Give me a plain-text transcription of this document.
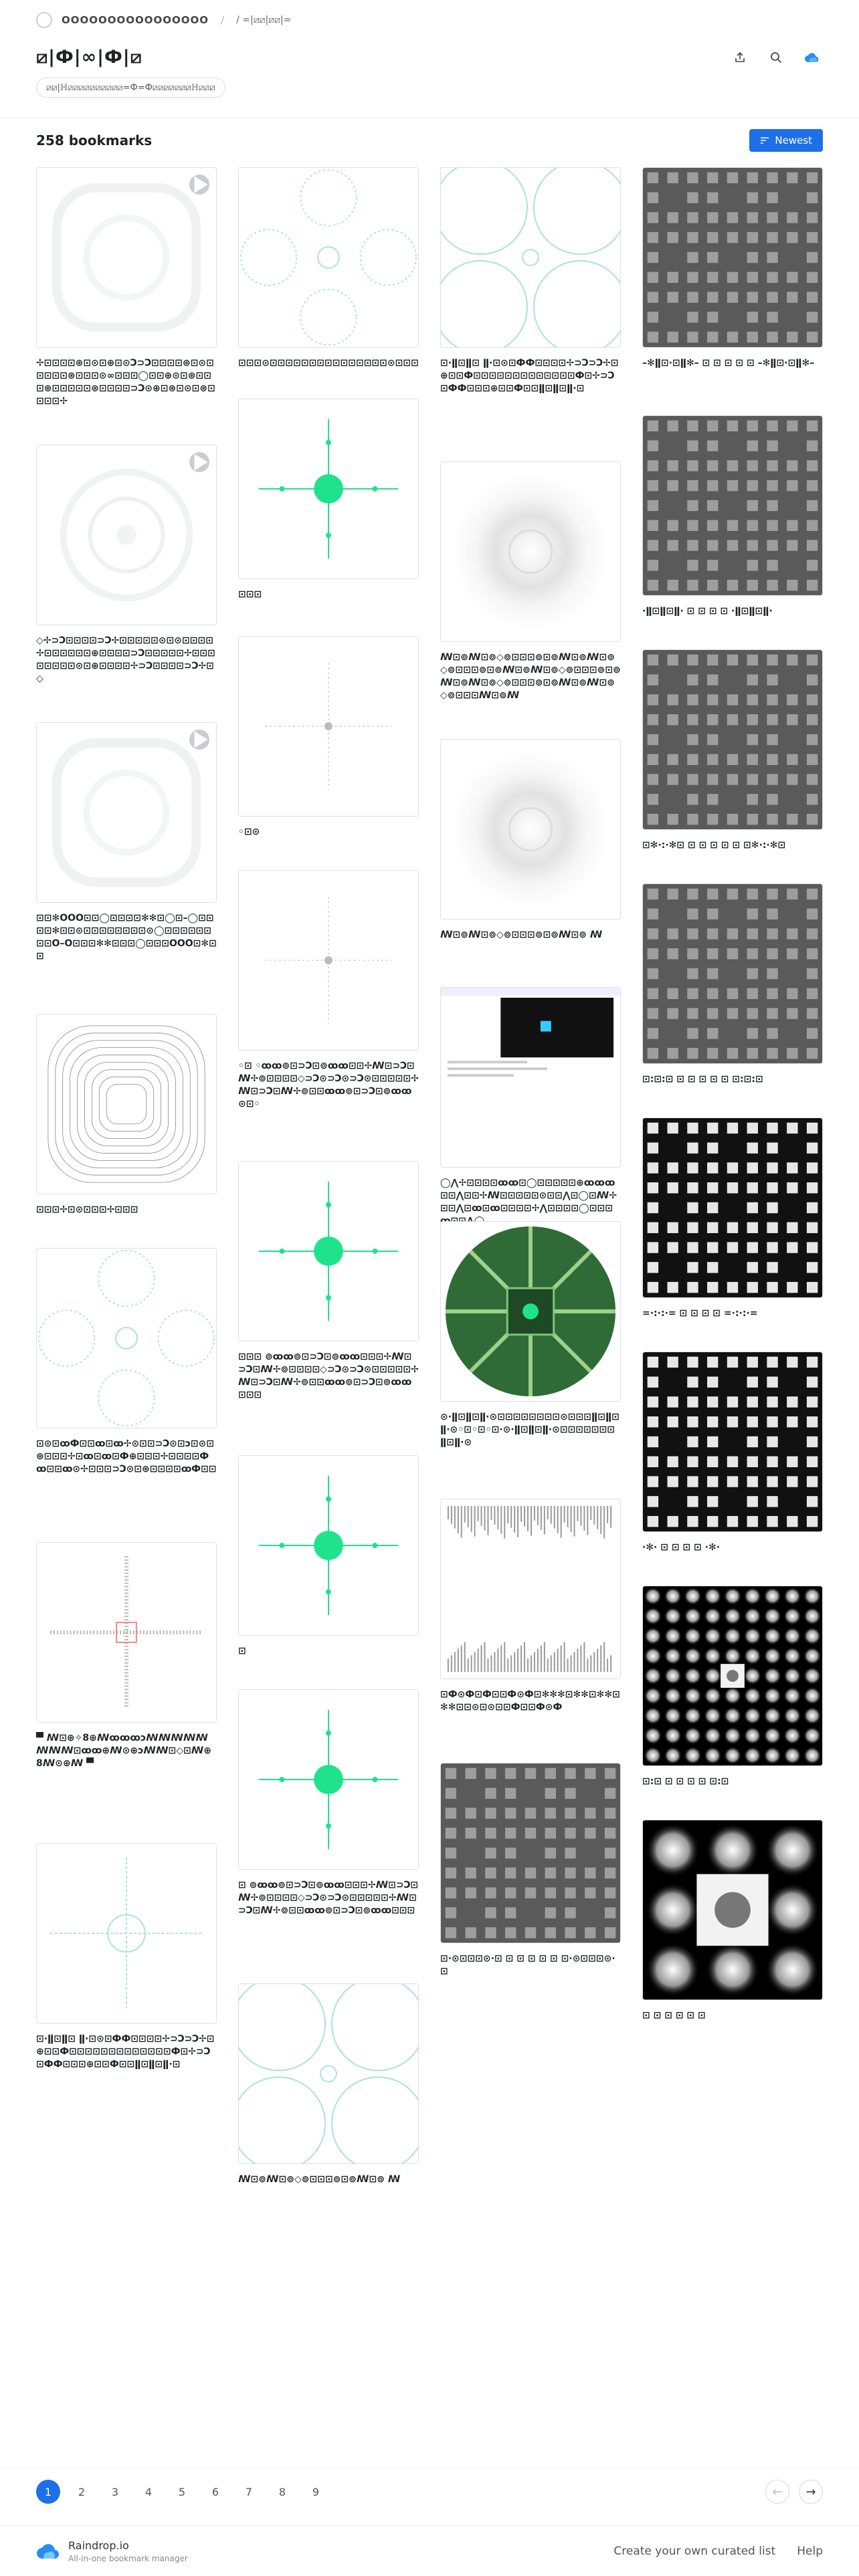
OOOOOOOOOOOOOOOO / / =|⧄⧄|⧄⧄|=
⧄|Ф|∞|Ф|⧄
⧄⧄|ℍ⧄⧄⧄⧄⧄⧄⧄⧄⧄⧄=Ф=Ф⧄⧄⧄⧄⧄⧄⧄ℍ⧄⧄⧄
258 bookmarks	Newest
✢⊡⊡⊡⊡⊛⊡⊙⊡⊕⊡⊙Ͻ⊃Ͻ⊡⊡⊡⊡⊛⊡⊙⊡⊡⊡⊡⊡⊛⊡⊡⊡⊙∞⊡⊡⊡◯⊡⊡⊕⊙⊡⊛⊡⊡⊡⊛⊡⊡⊡⊡⊡⊛⊡⊡⊡⊡⊃Ͻ⊙⊕⊡⊛⊡⊙⊡⊛⊡⊡⊡⊡✢
◇✢⊃Ͻ⊡⊡⊡⊡⊃Ͻ✢⊡⊡⊡⊡⊡⊙⊡⊙⊡⊡⊡⊡✢⊡⊡⊡⊡⊡⊡⊕⊡⊡⊡⊡⊃Ͻ⊡⊡⊡⊡⊡✢⊡⊡⊡⊡⊡⊡⊡⊡⊙⊡⊕⊡⊡⊡⊡✢⊃Ͻ⊡⊡⊡⊡⊃Ͻ✢⊡◇
⊡⊡✻OOO⊡⊡◯⊡⊡⊡⊡✻✻⊡◯⊡–◯⊡⊡⊡⊡✻⊡⊡⊙⊡⊡⊡⊡⊡⊡⊡⊡⊙◯⊡⊡⊡⊡⊡⊡⊡⊡O–O⊡⊡⊡✻✻⊡⊡⊡◯⊡⊡⊡OOO⊡✻⊡⊡
⊡⊡⊡✢⊡⊙⊡⊡⊡✢⊡⊡⊡
⊡⊙⊡ꝏФ⊡⊡ꝏ⊡ꝏ✢⊙⊡⊡⊃Ͻ⊙⊡ͻ⊡⊙⊡⊛⊡⊡⊡✢⊡ꝏ⊡ꝏ⊡Ф⊕⊡⊡⊡✢⊡⊡⊡⊡Фꝏ⊡⊡ꝏ⊙✢⊡⊡⊡⊃Ͻ⊙⊡⊛⊡⊡⊡⊡ꝏФ⊡⊡
▀ ꟿ⊡⊕✧8⊕ꟿꝏꝏꝏͻꟿꟿꟿꟿꟿꟿꟿꟿ⊡ꝏꝏ⊕ꟿ⊙⊕ͻꟿꟿ⊡◇⊡ꟿ⊕8ꟿ⊙⊕ꟿ ▀
⊡·ǁ⊡ǁ⊡ ǁ·⊡⊙⊡ФФ⊡⊡⊡⊡✢⊃Ͻ⊃Ͻ✢⊡⊕⊡⊡Ф⊡⊡⊡⊡⊡⊡⊡⊡⊡⊡⊡⊡⊡Ф⊡✢⊃Ͻ⊡ФФ⊡⊡⊡⊕⊡⊡Ф⊡⊡ǁ⊡ǁ⊡ǁ·⊡
⊡⊡⊡⊙⊡⊡⊡⊡⊡⊡⊡⊡⊡⊡⊡⊡⊡⊡⊡⊙⊡⊡⊡
⊡⊡⊡
◦⊡⊙
◦⊡ ◦ꝏꝏ⊚⊡⊃Ͻ⊡⊚ꝏꝏ⊡⊡✢ꟿ⊡⊃Ͻ⊡ꟿ✢⊚⊡⊡⊡⊡◇⊃Ͻ⊙⊃Ͻ⊙⊃Ͻ⊙⊡⊡⊡⊡⊡✢ꟿ⊡⊃Ͻ⊡ꟿ✢⊚⊡⊡ꝏꝏ⊚⊡⊃Ͻ⊡⊚ꝏꝏ⊙⊡◦
⊡⊡⊡ ⊚ꝏꝏ⊚⊡⊃Ͻ⊡⊚ꝏꝏ⊡⊡⊡✢ꟿ⊡⊃Ͻ⊡ꟿ✢⊚⊡⊡⊡⊡◇⊃Ͻ⊙⊃Ͻ⊙⊡⊡⊡⊡⊡✢ꟿ⊡⊃Ͻ⊡ꟿ✢⊚⊡⊡ꝏꝏ⊚⊡⊃Ͻ⊡⊚ꝏꝏ⊡⊡⊡
⊡
⊡ ⊚ꝏꝏ⊚⊡⊃Ͻ⊡⊚ꝏꝏ⊡⊡⊡✢ꟿ⊡⊃Ͻ⊡ꟿ✢⊚⊡⊡⊡⊡◇⊃Ͻ⊙⊃Ͻ⊙⊡⊡⊡⊡⊡✢ꟿ⊡⊃Ͻ⊡ꟿ✢⊚⊡⊡ꝏꝏ⊚⊡⊃Ͻ⊡⊚ꝏꝏ⊡⊡⊡
ꟿ⊡⊚ꟿ⊡⊚◇⊚⊡⊡⊡⊚⊡⊚ꟿ⊡⊚ ꟿ
⊡·ǁ⊡ǁ⊡ ǁ·⊡⊙⊡ФФ⊡⊡⊡⊡✢⊃Ͻ⊃Ͻ✢⊡⊕⊡⊡Ф⊡⊡⊡⊡⊡⊡⊡⊡⊡⊡⊡⊡⊡Ф⊡✢⊃Ͻ⊡ФФ⊡⊡⊡⊕⊡⊡Ф⊡⊡ǁ⊡ǁ⊡ǁ·⊡
ꟿ⊡⊚ꟿ⊡⊚◇⊚⊡⊡⊡⊚⊡⊚ꟿ⊡⊚ꟿ⊡⊚◇⊚⊡⊡⊡⊚⊡⊚ꟿ⊡⊚ꟿ⊡⊚◇⊚⊡⊡⊡⊚⊡⊚ꟿ⊡⊚ꟿ⊡⊚◇⊚⊡⊡⊡⊚⊡⊚ꟿ⊡⊚ꟿ⊡⊚◇⊚⊡⊡⊡ꟿ⊡⊚ꟿ
ꟿ⊡⊚ꟿ⊡⊚◇⊚⊡⊡⊡⊚⊡⊚ꟿ⊡⊚ ꟿ
◯⋀✢⊡⊡⊡⊡ꝏꝏ⊡◯⊡⊡⊡⊡⊡⊕ꝏꝏꝏ⊡⊡⋀⊡⊡✢ꟿ⊡⊡⊡⊡⊡⊙⊡⊡⋀⊡◯⊡ꟿ✢⊡⊡⋀⊡ꝏ⊡ꝏ⊡⊡⊡⊡✢⋀⊡⊡⊡⊡◯⊡⊡⊡
⊙·ǁ⊡ǁ⊡ǁ·⊙⊡⊡⊡⊡⊡⊡⊡⊡⊙⊡⊡⊡ǁ⊡ǁ⊡ǁ·⊙◦⊡◦⊡◦⊡·⊙·ǁ⊡ǁ⊡ǁ·⊙⊡⊡⊡⊡⊡⊡⊡ǁ⊡ǁ·⊙
⊡Ф⊙Ф⊡Ф⊡⊡Ф⊙Ф⊡✻✻✻⊡✻✻⊡✻✻⊡✻✻⊡⊡⊙⊡⊙⊡⊡Ф⊡⊡Ф⊙Ф
⊡·⊙⊡⊡⊡⊙·⊡ ⊡ ⊡ ⊡ ⊡ ⊡ ⊡·⊙⊡⊡⊡⊙·⊡
–✻ǁ⊡·⊡ǁ✻– ⊡ ⊡ ⊡ ⊡ ⊡ –✻ǁ⊡·⊡ǁ✻–
·ǁ⊡ǁ⊡ǁ· ⊡ ⊡ ⊡ ⊡ ·ǁ⊡ǁ⊡ǁ·
⊡✻·:·✻⊡ ⊡ ⊡ ⊡ ⊡ ⊡ ⊡✻·:·✻⊡
⊡:⊡:⊡ ⊡ ⊡ ⊡ ⊡ ⊡ ⊡:⊡:⊡
=·:·:·= ⊡ ⊡ ⊡ ⊡ =·:·:·=
·✻· ⊡ ⊡ ⊡ ⊡ ·✻·
⊡:⊡ ⊡ ⊡ ⊡ ⊡ ⊡:⊡
⊡ ⊡ ⊡ ⊡ ⊡ ⊡
1	2	3	4	5	6	7	8	9	←	→
Raindrop.io
All-in-one bookmark manager
Create your own curated list Help
